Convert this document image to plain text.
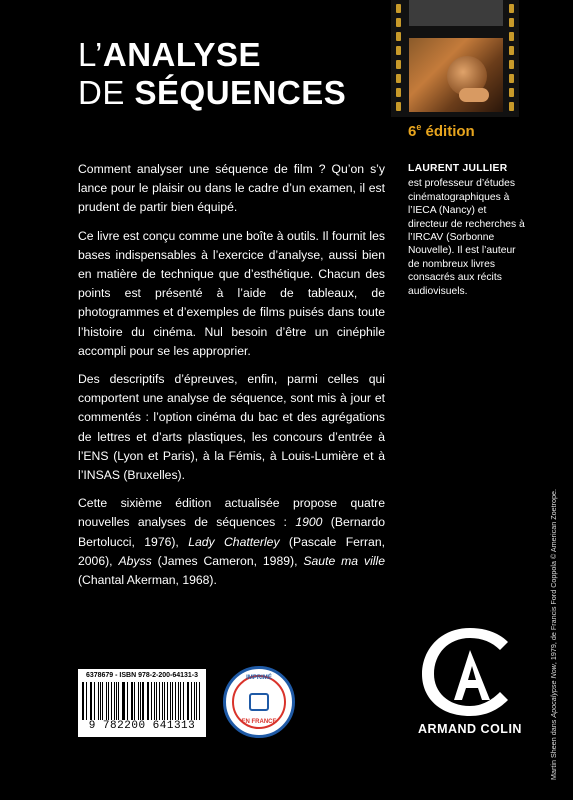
L’ANALYSE
DE SÉQUENCES
6e édition

Comment analyser une séquence de film ? Qu’on s’y lance pour le plaisir ou dans le cadre d’un examen, il est prudent de partir bien équipé.

Ce livre est conçu comme une boîte à outils. Il fournit les bases indispensables à l’exercice d’analyse, aussi bien en matière de technique que d’esthétique. Chacun des points est présenté à l’aide de tableaux, de photogrammes et d’exemples de films puisés dans toute l’histoire du cinéma. Nul besoin d’être un cinéphile accompli pour se les approprier.

Des descriptifs d’épreuves, enfin, parmi celles qui comportent une analyse de séquence, sont mis à jour et commentés : l’option cinéma du bac et des agrégations de lettres et d’arts plastiques, les concours d’entrée à l’ENS (Lyon et Paris), à la Fémis, à Louis-Lumière et à l’INSAS (Bruxelles).

Cette sixième édition actualisée propose quatre nouvelles analyses de séquences : 1900 (Bernardo Bertolucci, 1976), Lady Chatterley (Pascale Ferran, 2006), Abyss (James Cameron, 1989), Saute ma ville (Chantal Akerman, 1968).

LAURENT JULLIER
est professeur d’études cinématographiques à l’IECA (Nancy) et directeur de recherches à l’IRCAV (Sorbonne Nouvelle). Il est l’auteur de nombreux livres consacrés aux récits audiovisuels.
Martin Sheen dans Apocalypse Now, 1979, de Francis Ford Coppola © American Zoetrope.
6378679 - ISBN 978-2-200-64131-3
9 782200 641313
IMPRIMÉ
EN FRANCE	ARMAND COLIN
